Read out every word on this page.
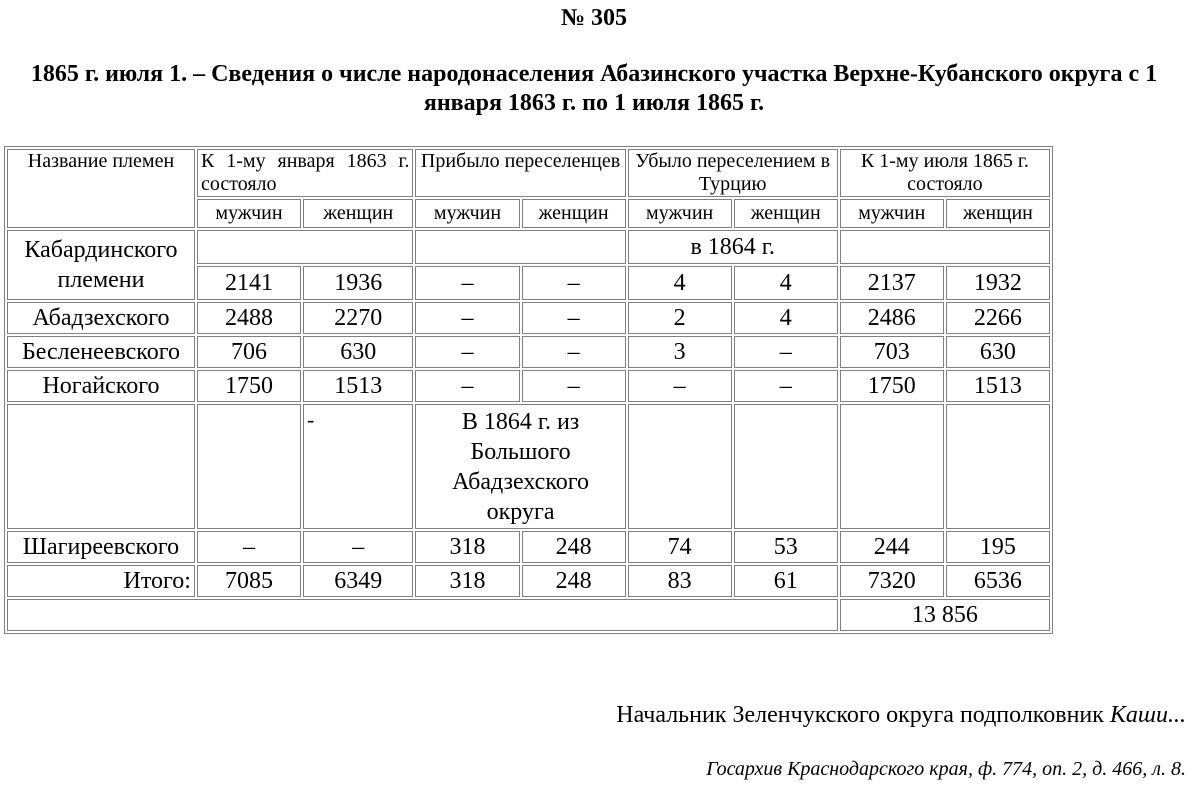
№ 305
1865 г. июля 1. – Сведения о числе народонаселения Абазинского участка Верхне-Кубанского округа с 1 января 1863 г. по 1 июля 1865 г.
Название племен	К 1-му января 1863 г. состояло		Прибыло переселенцев		Убыло переселением в Турцию		К 1-му июля 1865 г. состояло	
	мужчин	женщин	мужчин	женщин	мужчин	женщин	мужчин	женщин
Кабардинского племени					в 1864 г.			
	2141	1936	–	–	4	4	2137	1932
Абадзехского	2488	2270	–	–	2	4	2486	2266
Бесленеевского	706	630	–	–	3	–	703	630
Ногайского	1750	1513	–	–	–	–	1750	1513
		-	В 1864 г. из Большого Абадзехского округа					
Шагиреевского	–	–	318	248	74	53	244	195
Итого:	7085	6349	318	248	83	61	7320	6536
							13 856	
Начальник Зеленчукского округа подполковник Каши...
Госархив Краснодарского края, ф. 774, оп. 2, д. 466, л. 8.
